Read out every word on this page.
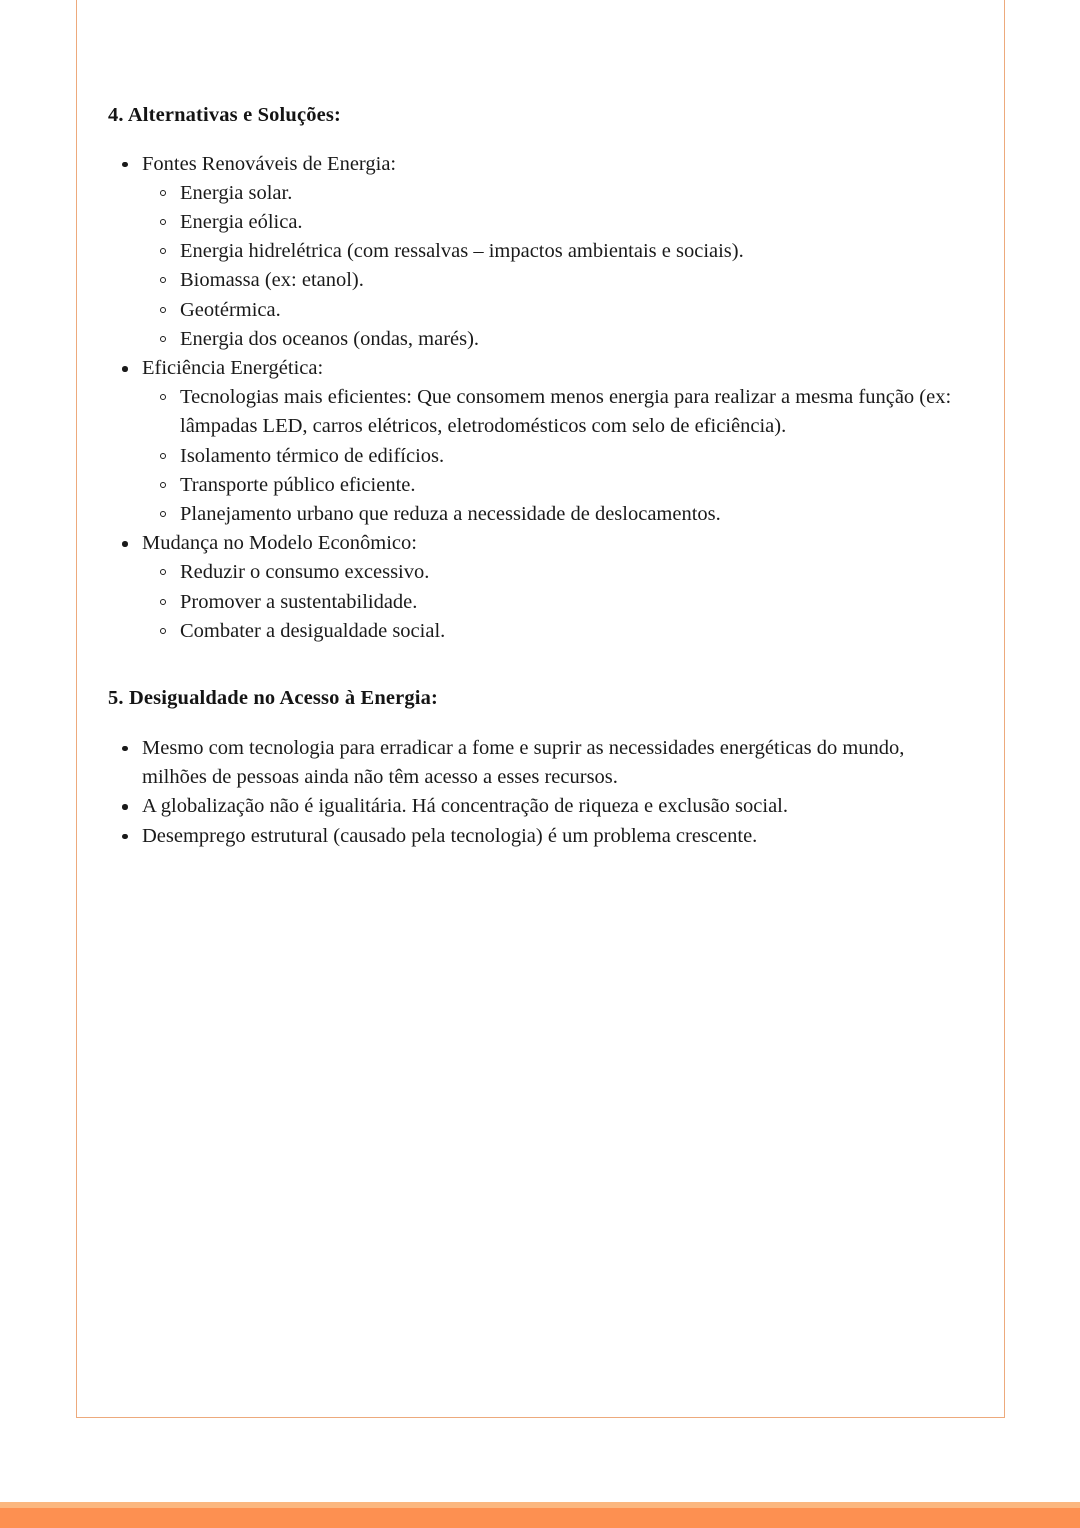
4. Alternativas e Soluções:
Fontes Renováveis de Energia:
Energia solar.
Energia eólica.
Energia hidrelétrica (com ressalvas – impactos ambientais e sociais).
Biomassa (ex: etanol).
Geotérmica.
Energia dos oceanos (ondas, marés).
Eficiência Energética:
Tecnologias mais eficientes: Que consomem menos energia para realizar a mesma função (ex: lâmpadas LED, carros elétricos, eletrodomésticos com selo de eficiência).
Isolamento térmico de edifícios.
Transporte público eficiente.
Planejamento urbano que reduza a necessidade de deslocamentos.
Mudança no Modelo Econômico:
Reduzir o consumo excessivo.
Promover a sustentabilidade.
Combater a desigualdade social.
5. Desigualdade no Acesso à Energia:
Mesmo com tecnologia para erradicar a fome e suprir as necessidades energéticas do mundo, milhões de pessoas ainda não têm acesso a esses recursos.
A globalização não é igualitária. Há concentração de riqueza e exclusão social.
Desemprego estrutural (causado pela tecnologia) é um problema crescente.
